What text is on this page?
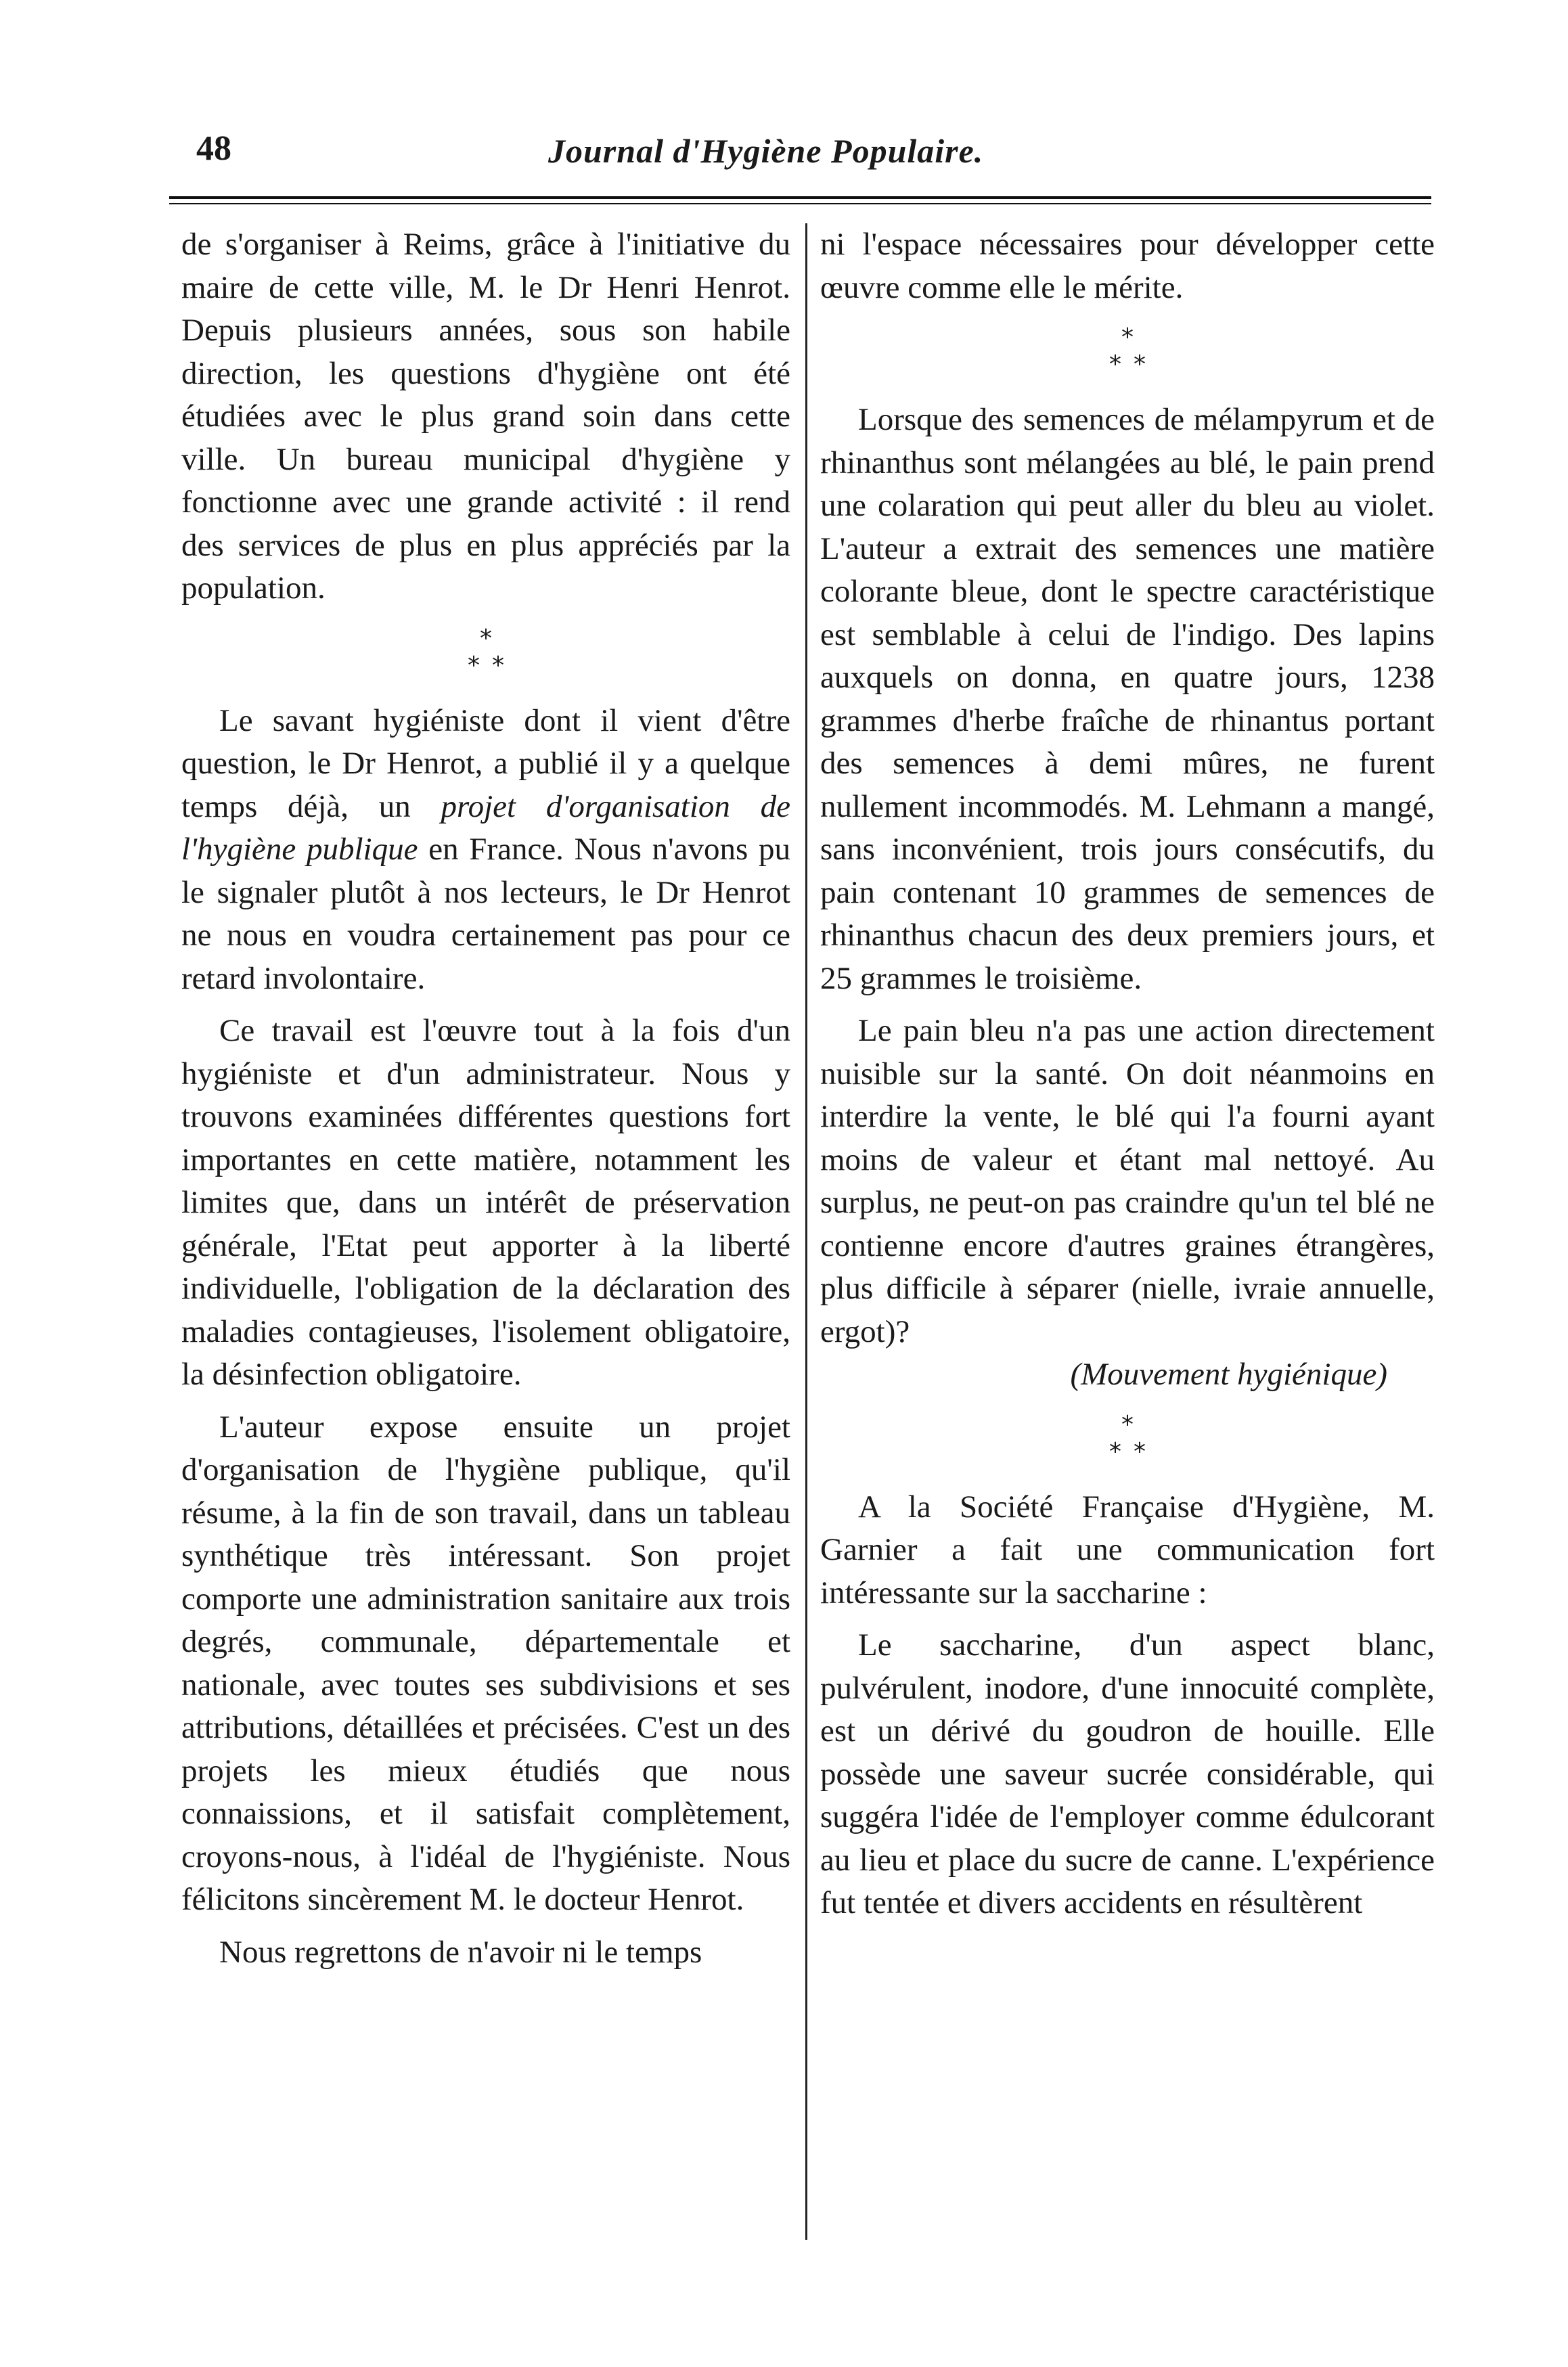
48	Journal d'Hygiène Populaire.

de s'organiser à Reims, grâce à l'initiative du maire de cette ville, M. le Dr Henri Henrot. Depuis plusieurs années, sous son habile direction, les questions d'hygiène ont été étudiées avec le plus grand soin dans cette ville. Un bureau municipal d'hygiène y fonctionne avec une grande activité : il rend des services de plus en plus appréciés par la population.

*
**

Le savant hygiéniste dont il vient d'être question, le Dr Henrot, a publié il y a quelque temps déjà, un projet d'organisation de l'hygiène publique en France. Nous n'avons pu le signaler plutôt à nos lecteurs, le Dr Henrot ne nous en voudra certainement pas pour ce retard involontaire.

Ce travail est l'œuvre tout à la fois d'un hygiéniste et d'un administrateur. Nous y trouvons examinées différentes questions fort importantes en cette matière, notamment les limites que, dans un intérêt de préservation générale, l'Etat peut apporter à la liberté individuelle, l'obligation de la déclaration des maladies contagieuses, l'isolement obligatoire, la désinfection obligatoire.

L'auteur expose ensuite un projet d'organisation de l'hygiène publique, qu'il résume, à la fin de son travail, dans un tableau synthétique très intéressant. Son projet comporte une administration sanitaire aux trois degrés, communale, départementale et nationale, avec toutes ses subdivisions et ses attributions, détaillées et précisées. C'est un des projets les mieux étudiés que nous connaissions, et il satisfait complètement, croyons-nous, à l'idéal de l'hygiéniste. Nous félicitons sincèrement M. le docteur Henrot.

Nous regrettons de n'avoir ni le temps

ni l'espace nécessaires pour développer cette œuvre comme elle le mérite.

*
**

Lorsque des semences de mélampyrum et de rhinanthus sont mélangées au blé, le pain prend une colaration qui peut aller du bleu au violet. L'auteur a extrait des semences une matière colorante bleue, dont le spectre caractéristique est semblable à celui de l'indigo. Des lapins auxquels on donna, en quatre jours, 1238 grammes d'herbe fraîche de rhinantus portant des semences à demi mûres, ne furent nullement incommodés. M. Lehmann a mangé, sans inconvénient, trois jours consécutifs, du pain contenant 10 grammes de semences de rhinanthus chacun des deux premiers jours, et 25 grammes le troisième.

Le pain bleu n'a pas une action directement nuisible sur la santé. On doit néanmoins en interdire la vente, le blé qui l'a fourni ayant moins de valeur et étant mal nettoyé. Au surplus, ne peut-on pas craindre qu'un tel blé ne contienne encore d'autres graines étrangères, plus difficile à séparer (nielle, ivraie annuelle, ergot)?

(Mouvement hygiénique)

*
**

A la Société Française d'Hygiène, M. Garnier a fait une communication fort intéressante sur la saccharine :

Le saccharine, d'un aspect blanc, pulvérulent, inodore, d'une innocuité complète, est un dérivé du goudron de houille. Elle possède une saveur sucrée considérable, qui suggéra l'idée de l'employer comme édulcorant au lieu et place du sucre de canne. L'expérience fut tentée et divers accidents en résultèrent
